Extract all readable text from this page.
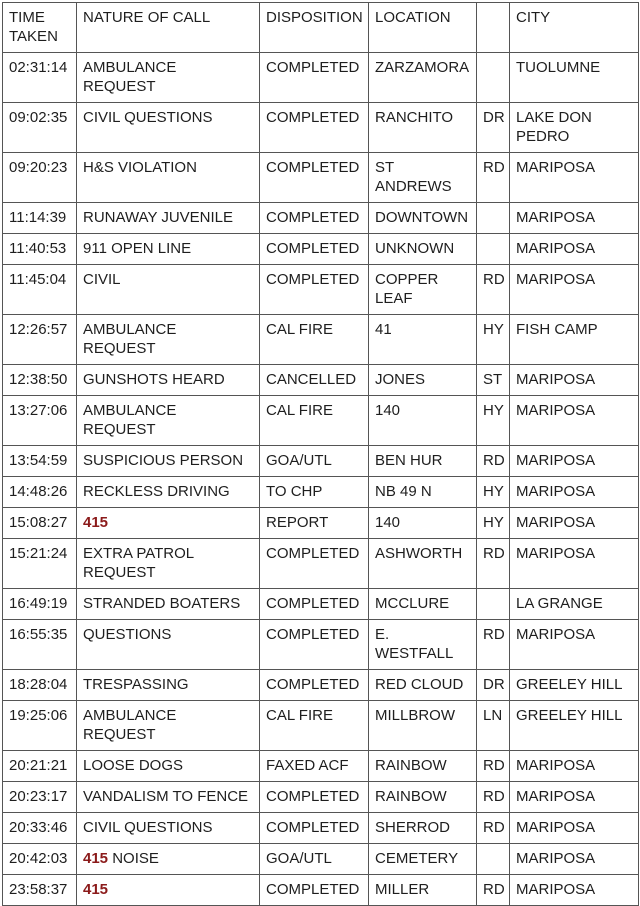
TIME TAKEN	NATURE OF CALL	DISPOSITION	LOCATION		CITY
02:31:14	AMBULANCE REQUEST	COMPLETED	ZARZAMORA		TUOLUMNE
09:02:35	CIVIL QUESTIONS	COMPLETED	RANCHITO	DR	LAKE DON PEDRO
09:20:23	H&S VIOLATION	COMPLETED	ST ANDREWS	RD	MARIPOSA
11:14:39	RUNAWAY JUVENILE	COMPLETED	DOWNTOWN		MARIPOSA
11:40:53	911 OPEN LINE	COMPLETED	UNKNOWN		MARIPOSA
11:45:04	CIVIL	COMPLETED	COPPER LEAF	RD	MARIPOSA
12:26:57	AMBULANCE REQUEST	CAL FIRE	41	HY	FISH CAMP
12:38:50	GUNSHOTS HEARD	CANCELLED	JONES	ST	MARIPOSA
13:27:06	AMBULANCE REQUEST	CAL FIRE	140	HY	MARIPOSA
13:54:59	SUSPICIOUS PERSON	GOA/UTL	BEN HUR	RD	MARIPOSA
14:48:26	RECKLESS DRIVING	TO CHP	NB 49 N	HY	MARIPOSA
15:08:27	415	REPORT	140	HY	MARIPOSA
15:21:24	EXTRA PATROL REQUEST	COMPLETED	ASHWORTH	RD	MARIPOSA
16:49:19	STRANDED BOATERS	COMPLETED	MCCLURE		LA GRANGE
16:55:35	QUESTIONS	COMPLETED	E. WESTFALL	RD	MARIPOSA
18:28:04	TRESPASSING	COMPLETED	RED CLOUD	DR	GREELEY HILL
19:25:06	AMBULANCE REQUEST	CAL FIRE	MILLBROW	LN	GREELEY HILL
20:21:21	LOOSE DOGS	FAXED ACF	RAINBOW	RD	MARIPOSA
20:23:17	VANDALISM TO FENCE	COMPLETED	RAINBOW	RD	MARIPOSA
20:33:46	CIVIL QUESTIONS	COMPLETED	SHERROD	RD	MARIPOSA
20:42:03	415 NOISE	GOA/UTL	CEMETERY		MARIPOSA
23:58:37	415	COMPLETED	MILLER	RD	MARIPOSA
